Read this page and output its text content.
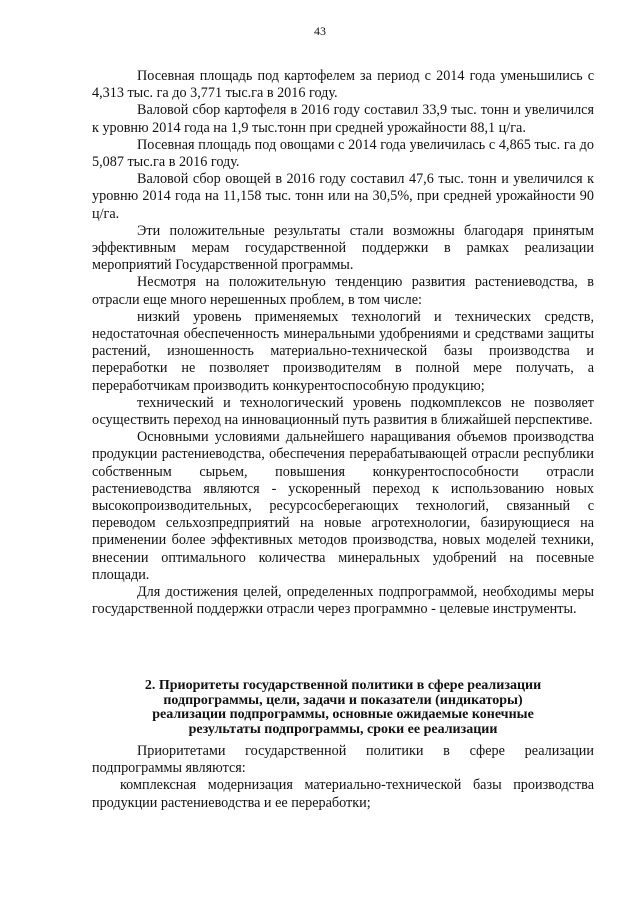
43

Посевная площадь под картофелем за период с 2014 года уменьшились с 4,313 тыс. га до 3,771 тыс.га в 2016 году.

Валовой сбор картофеля в 2016 году составил 33,9 тыс. тонн и увеличился к уровню 2014 года на 1,9 тыс.тонн при средней урожайности 88,1 ц/га.

Посевная площадь под овощами с 2014 года увеличилась с 4,865 тыс. га до 5,087 тыс.га в 2016 году.

Валовой сбор овощей в 2016 году составил 47,6 тыс. тонн и увеличился к уровню 2014 года на 11,158 тыс. тонн или на 30,5%, при средней урожайности 90 ц/га.

Эти положительные результаты стали возможны благодаря принятым эффективным мерам государственной поддержки в рамках реализации мероприятий Государственной программы.

Несмотря на положительную тенденцию развития растениеводства, в отрасли еще много нерешенных проблем, в том числе:

низкий уровень применяемых технологий и технических средств, недостаточная обеспеченность минеральными удобрениями и средствами защиты растений, изношенность материально-технической базы производства и переработки не позволяет производителям в полной мере получать, а переработчикам производить конкурентоспособную продукцию;

технический и технологический уровень подкомплексов не позволяет осуществить переход на инновационный путь развития в ближайшей перспективе.

Основными условиями дальнейшего наращивания объемов производства продукции растениеводства, обеспечения перерабатывающей отрасли республики собственным сырьем, повышения конкурентоспособности отрасли растениеводства являются - ускоренный переход к использованию новых высокопроизводительных, ресурсосберегающих технологий, связанный с переводом сельхозпредприятий на новые агротехнологии, базирующиеся на применении более эффективных методов производства, новых моделей техники, внесении оптимального количества минеральных удобрений на посевные площади.

Для достижения целей, определенных подпрограммой, необходимы меры государственной поддержки отрасли через программно - целевые инструменты.

2. Приоритеты государственной политики в сфере реализации
подпрограммы, цели, задачи и показатели (индикаторы)
реализации подпрограммы, основные ожидаемые конечные
результаты подпрограммы, сроки ее реализации

Приоритетами государственной политики в сфере реализации подпрограммы являются:

комплексная модернизация материально-технической базы производства продукции растениеводства и ее переработки;
